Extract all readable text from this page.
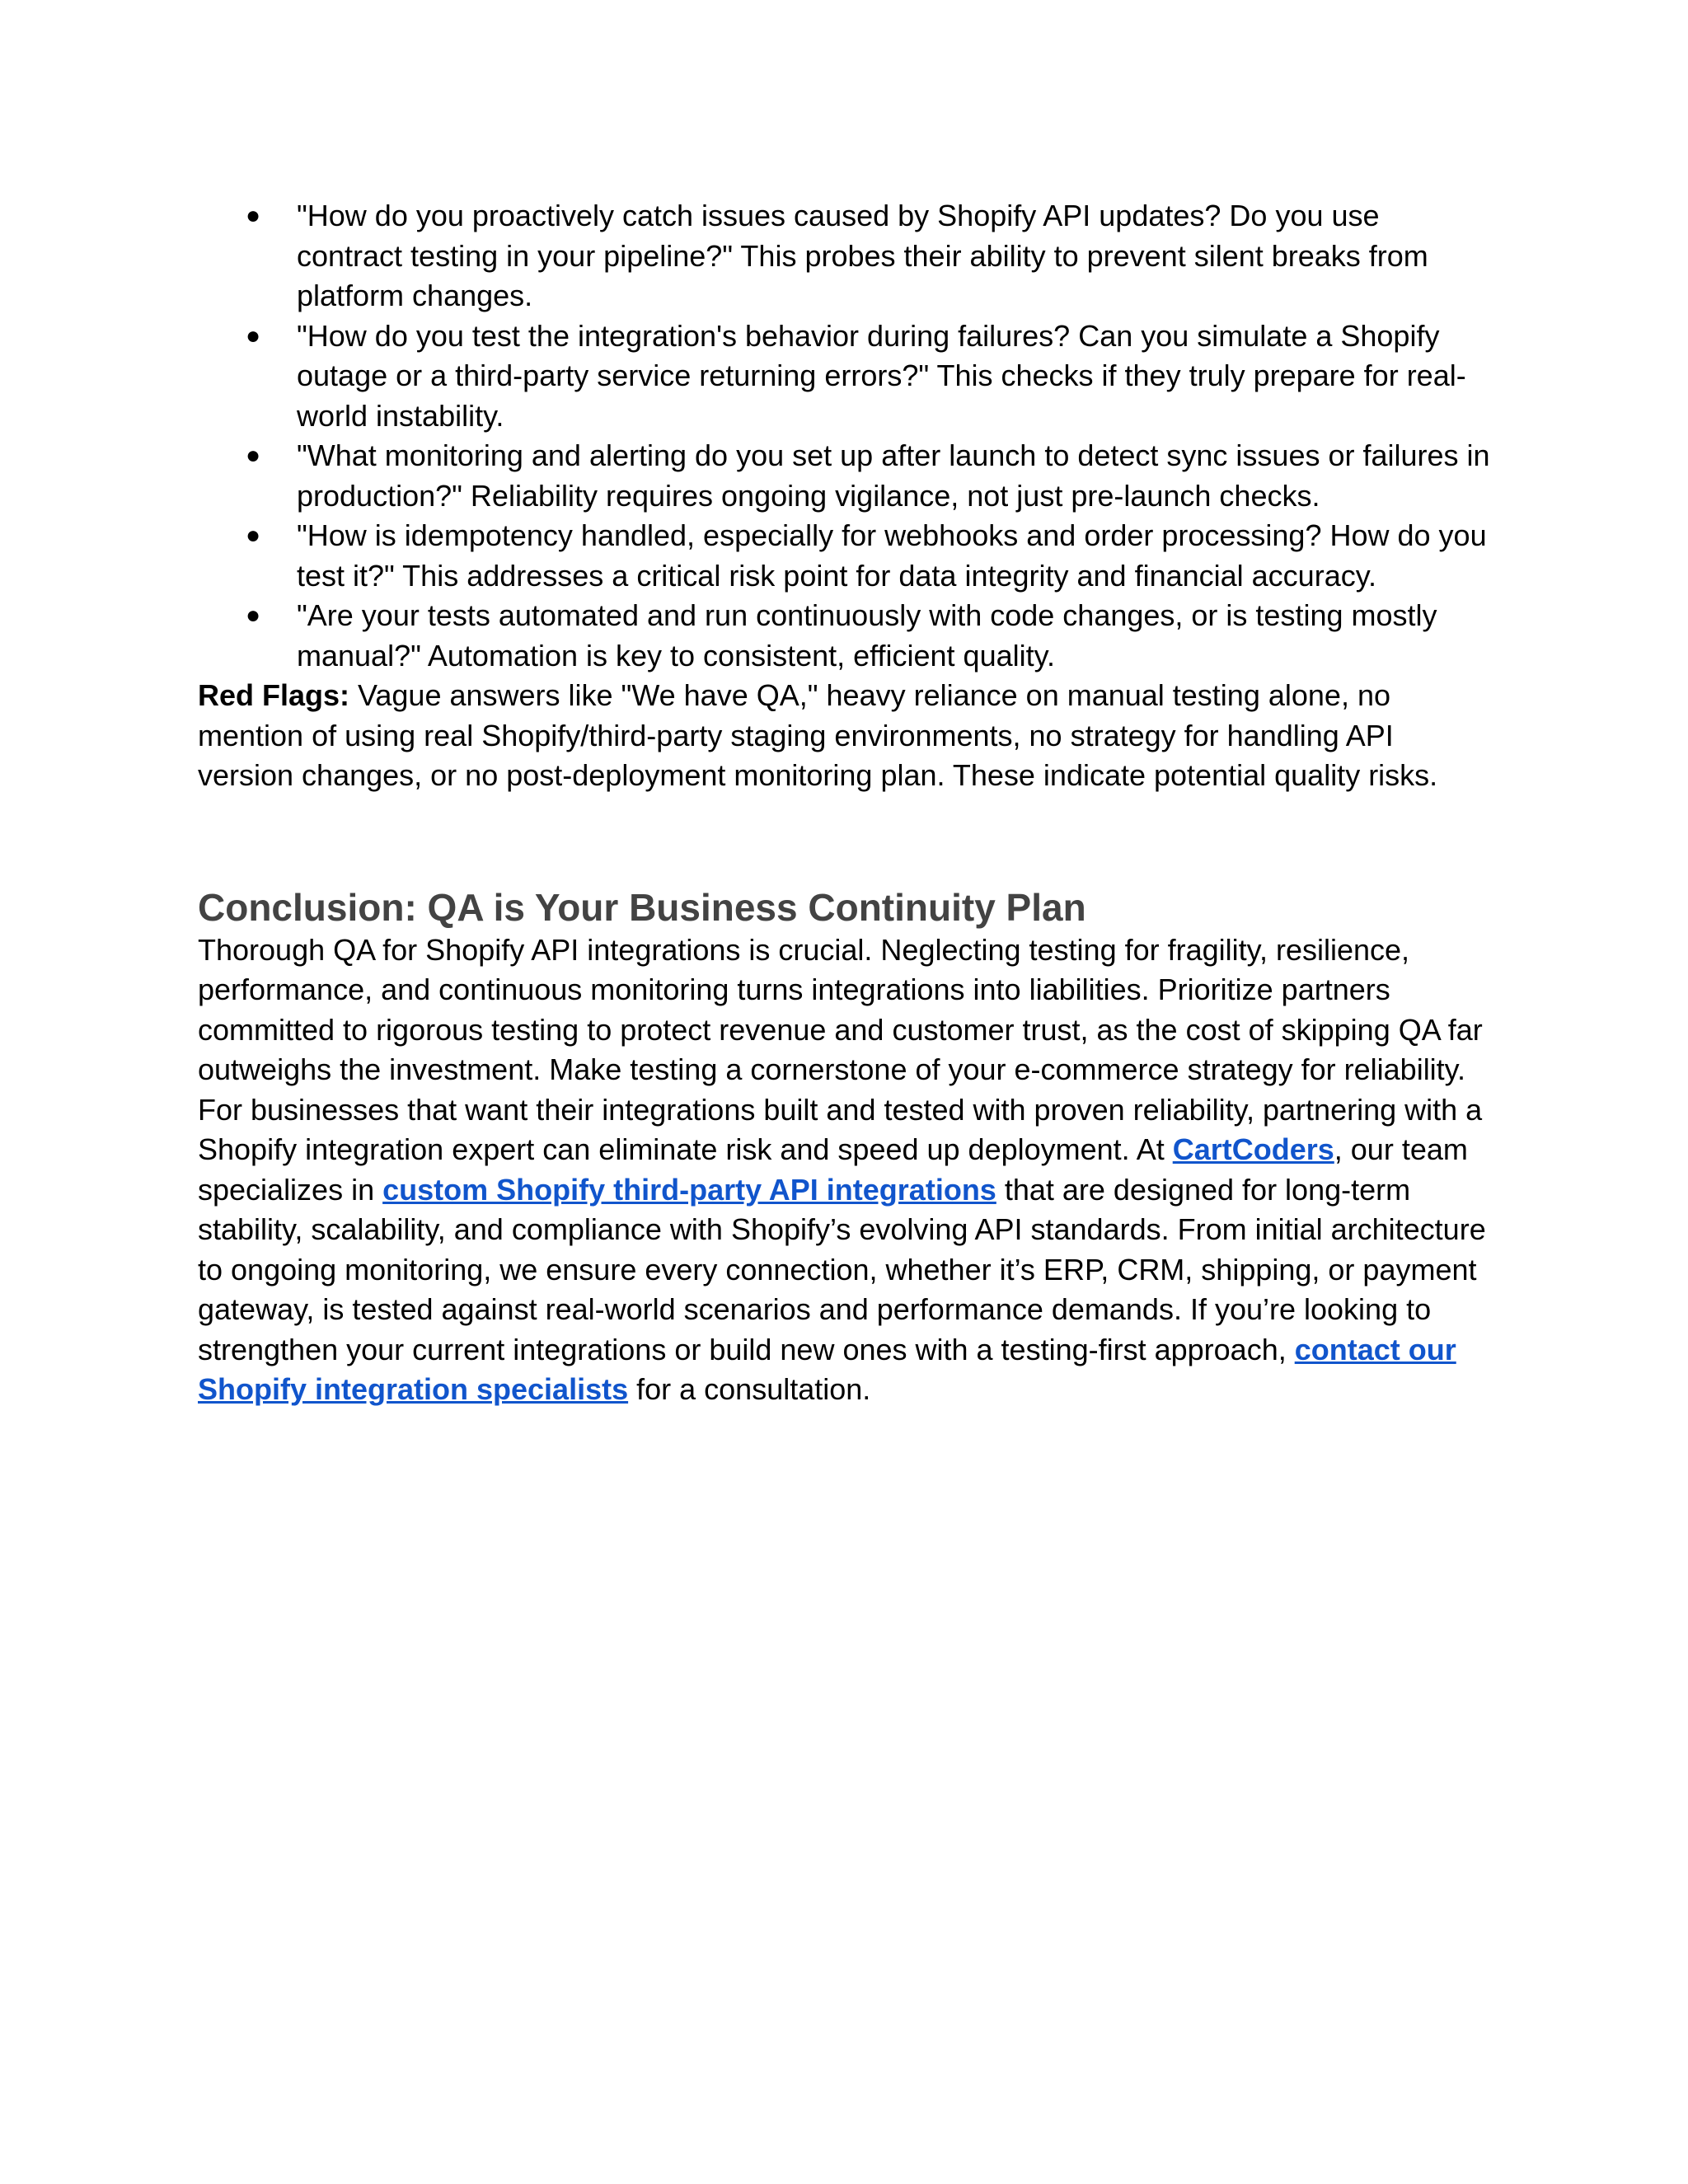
● "How do you proactively catch issues caused by Shopify API updates? Do you use contract testing in your pipeline?" This probes their ability to prevent silent breaks from platform changes.
● "How do you test the integration's behavior during failures? Can you simulate a Shopify outage or a third-party service returning errors?" This checks if they truly prepare for real-world instability.
● "What monitoring and alerting do you set up after launch to detect sync issues or failures in production?" Reliability requires ongoing vigilance, not just pre-launch checks.
● "How is idempotency handled, especially for webhooks and order processing? How do you test it?" This addresses a critical risk point for data integrity and financial accuracy.
● "Are your tests automated and run continuously with code changes, or is testing mostly manual?" Automation is key to consistent, efficient quality.

Red Flags: Vague answers like "We have QA," heavy reliance on manual testing alone, no mention of using real Shopify/third-party staging environments, no strategy for handling API version changes, or no post-deployment monitoring plan. These indicate potential quality risks.

Conclusion: QA is Your Business Continuity Plan

Thorough QA for Shopify API integrations is crucial. Neglecting testing for fragility, resilience, performance, and continuous monitoring turns integrations into liabilities. Prioritize partners committed to rigorous testing to protect revenue and customer trust, as the cost of skipping QA far outweighs the investment. Make testing a cornerstone of your e-commerce strategy for reliability.

For businesses that want their integrations built and tested with proven reliability, partnering with a Shopify integration expert can eliminate risk and speed up deployment. At CartCoders, our team specializes in custom Shopify third-party API integrations that are designed for long-term stability, scalability, and compliance with Shopify’s evolving API standards. From initial architecture to ongoing monitoring, we ensure every connection, whether it’s ERP, CRM, shipping, or payment gateway, is tested against real-world scenarios and performance demands. If you’re looking to strengthen your current integrations or build new ones with a testing-first approach, contact our Shopify integration specialists for a consultation.
